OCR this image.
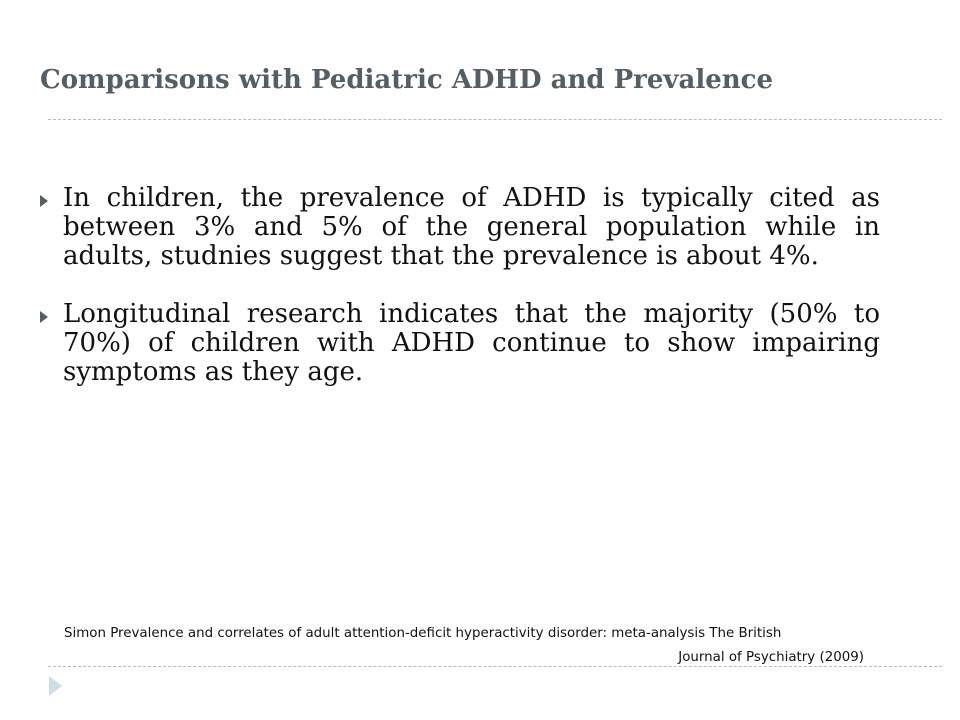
Comparisons with Pediatric ADHD and Prevalence
In children, the prevalence of ADHD is typically cited as between 3% and 5% of the general population while in adults, studnies suggest that the prevalence is about 4%.
Longitudinal research indicates that the majority (50% to 70%) of children with ADHD continue to show impairing symptoms as they age.

Simon Prevalence and correlates of adult attention-deficit hyperactivity disorder: meta-analysis The British
Journal of Psychiatry (2009)
